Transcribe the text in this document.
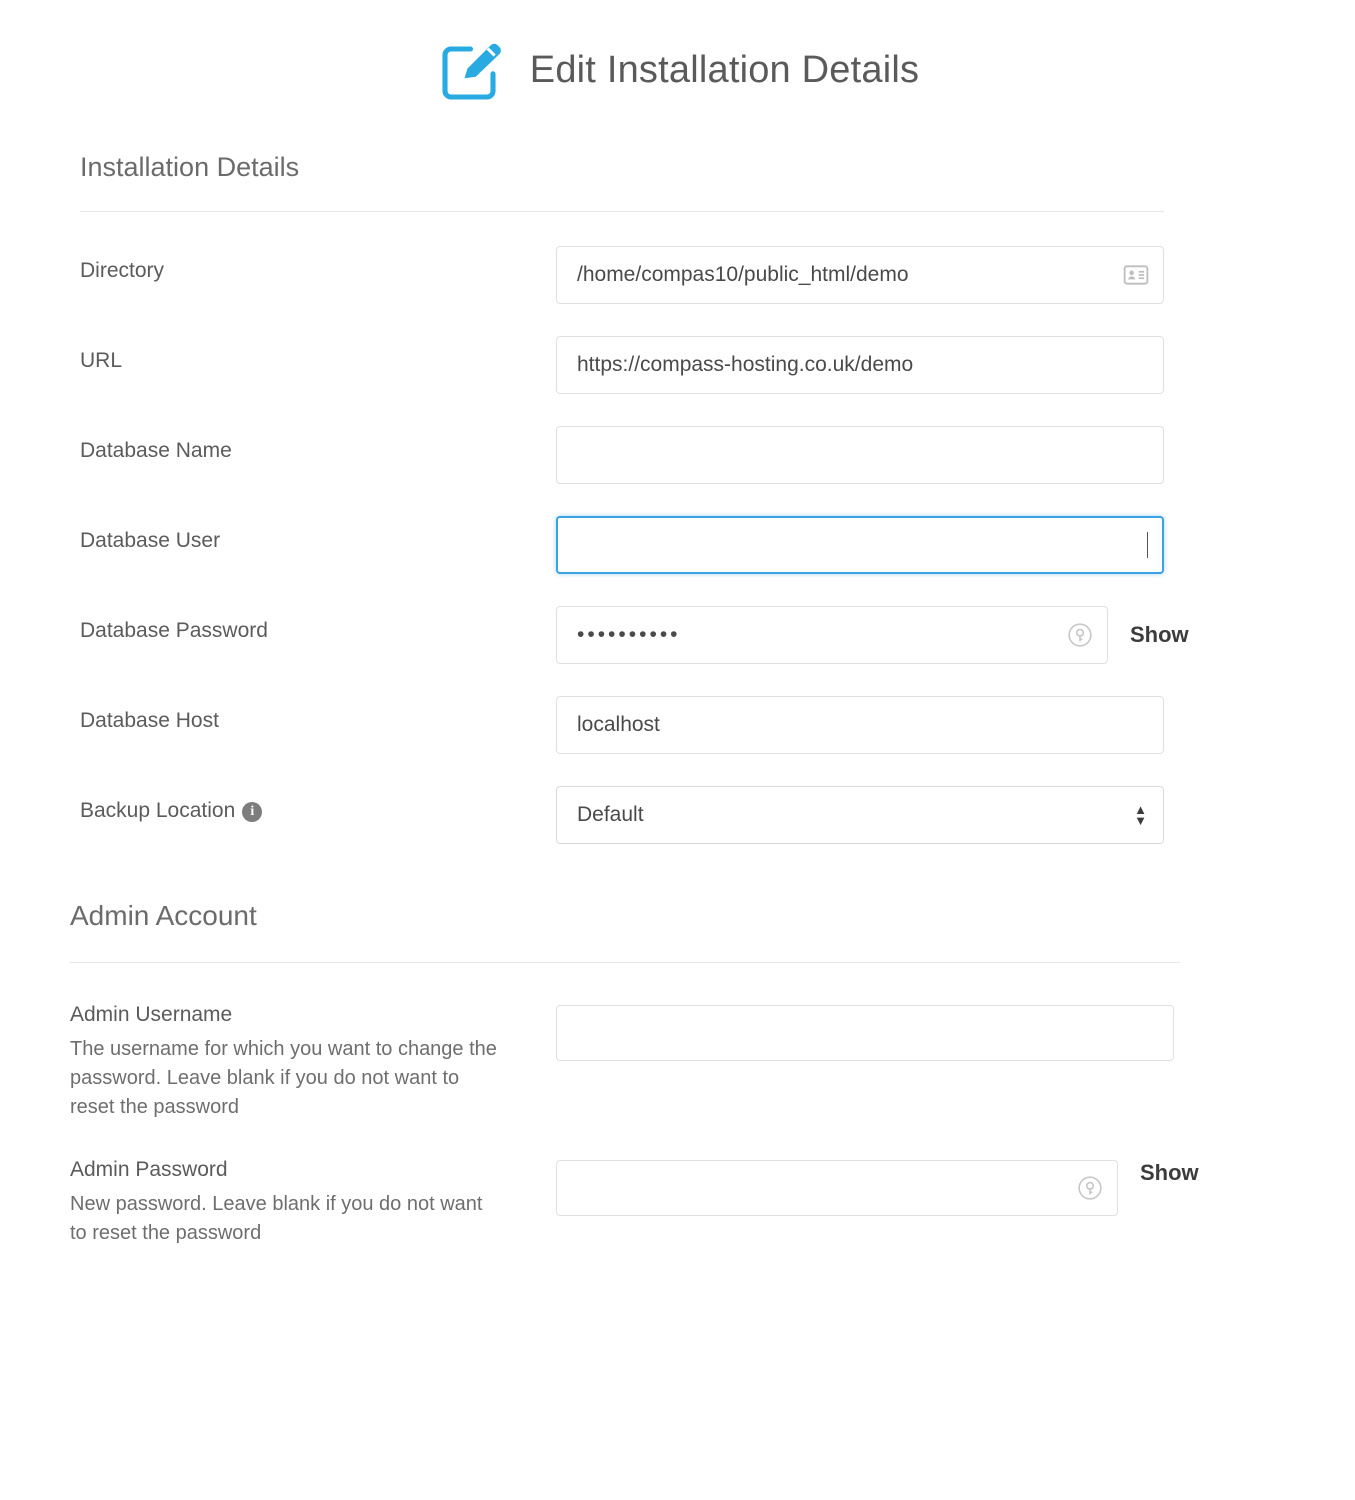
Edit Installation Details
Installation Details
Directory	/home/compas10/public_html/demo
URL	https://compass-hosting.co.uk/demo
Database Name
Database User
Database Password	••••••••••	Show
Database Host	localhost
Backup Location i	Default	▲
▼
Admin Account
Admin Username
The username for which you want to change the password. Leave blank if you do not want to reset the password
Admin Password
New password. Leave blank if you do not want to reset the password
Show
